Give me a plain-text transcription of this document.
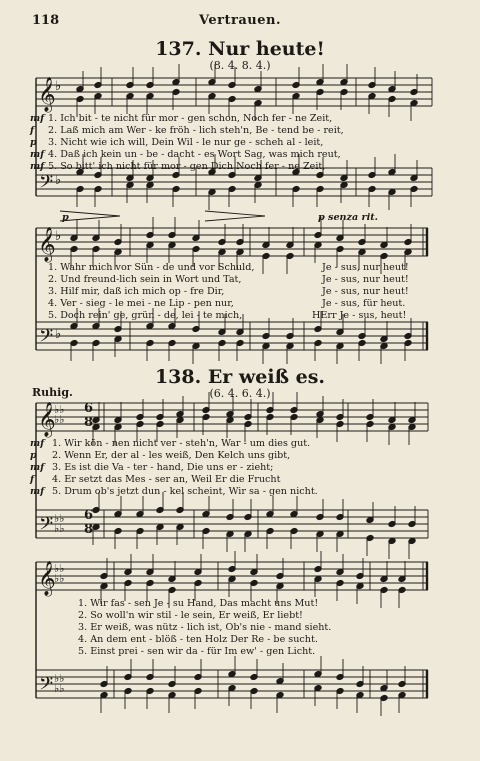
118	Vertrauen.
137. Nur heute!
(8. 4. 8. 4.)
𝄞 ♭
𝄢 ♭
mf 1. Ich bit - te nicht für mor - gen schon, Noch fer - ne Zeit,
f 2. Laß mich am Wer - ke fröh - lich steh'n, Be - tend be - reit,
p 3. Nicht wie ich will, Dein Wil - le nur ge - scheh al - leit,
mf 4. Daß ich kein un - be - dacht - es Wort Sag, was mich reut,
mf 5. So bitt' ich nicht für mor - gen Dich Noch fer - ne Zeit,
𝄞 ♭
𝄢 ♭
p	p senza rit.
1. Wahr mich vor Sün - de und vor Schuld,	Je - sus, nur heut!
2. Und freund-lich sein in Wort und Tat,	Je - sus, nur heut!
3. Hilf mir, daß ich mich op - fre Dir,	Je - sus, nur heut!
4. Ver - sieg - le mei - ne Lip - pen nur,	Je - sus, für heut.
5. Doch rein' ge, grün - de, lei - te mich,	HErr Je - sus, heut!
138. Er weiß es.
(6. 4. 6. 4.)
Ruhig.
𝄞
♭♭
♭♭
𝄢 ♭♭
♭♭
6
8
6
8
mf 1. Wir kön - nen nicht ver - steh'n, War - um dies gut.
p 2. Wenn Er, der al - les weiß, Den Kelch uns gibt,
mf 3. Es ist die Va - ter - hand, Die uns er - zieht;
f 4. Er setzt das Mes - ser an, Weil Er die Frucht
mf 5. Drum ob's jetzt dun - kel scheint, Wir sa - gen nicht.
𝄞
♭♭
♭♭
𝄢 ♭♭
♭♭
1. Wir fas - sen Je - su Hand, Das macht uns Mut!
2. So woll'n wir stil - le sein, Er weiß, Er liebt!
3. Er weiß, was nütz - lich ist, Ob's nie - mand sieht.
4. An dem ent - blöß - ten Holz Der Re - be sucht.
5. Einst prei - sen wir da - für Im ew' - gen Licht.
